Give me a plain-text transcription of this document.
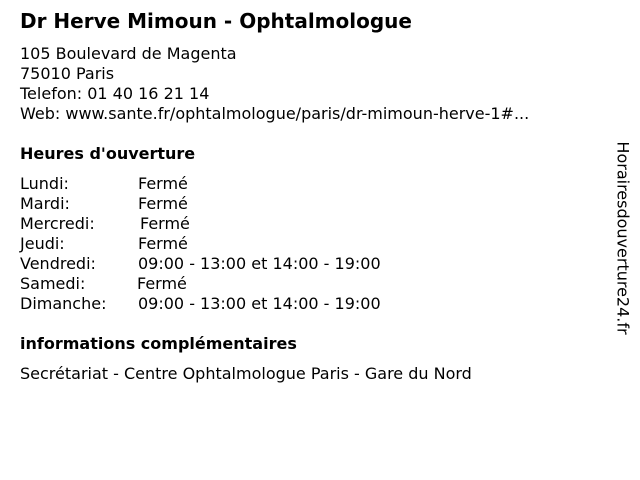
Dr Herve Mimoun - Ophtalmologue
105 Boulevard de Magenta
75010 Paris
Telefon: 01 40 16 21 14
Web: www.sante.fr/ophtalmologue/paris/dr-mimoun-herve-1#...
Heures d'ouverture
Lundi:	Fermé
Mardi:	Fermé
Mercredi:	Fermé
Jeudi:	Fermé
Vendredi:	09:00 - 13:00 et 14:00 - 19:00
Samedi:	Fermé
Dimanche:	09:00 - 13:00 et 14:00 - 19:00
informations complémentaires
Secrétariat - Centre Ophtalmologue Paris - Gare du Nord
Horairesdouverture24.fr
